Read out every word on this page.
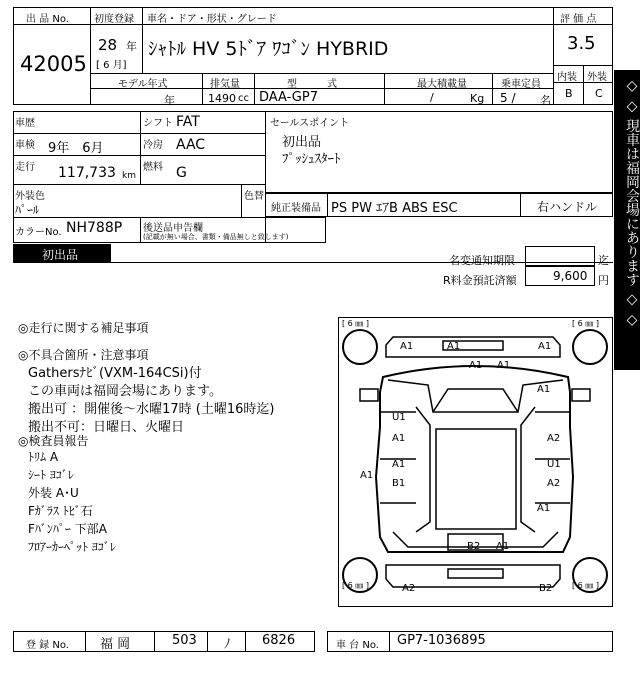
出 品 No.
42005
初度登録 車名・ドア・形状・グレード
28 年
[ 6 月]
ｼｬﾄﾙ HV 5ﾄﾞｱ ﾜｺﾞﾝ HYBRID
モデル年式
年
排気量
1490 cc
型　　　式
DAA-GP7
最大積載量
/	Kg
乗車定員
5 / 名
評 価 点
3.5
内装 外装
B C
車歴	シフト FAT
車検 9年　6月	冷房 AAC
走行 117,733 km
燃料 G
外装色
ﾊﾟｰﾙ
色替
カラーNo. NH788P 後送品申告欄
(記載が無い場合、書類・備品無しと致します)
セールスポイント
初出品
ﾌﾟｯｼｭｽﾀｰﾄ
純正装備品 PS PW ｴｱB ABS ESC	右ハンドル
初出品	名変通知期限	迄
R料金預託済額	9,600 円
◎走行に関する補足事項
◎不具合箇所・注意事項
Gathersﾅﾋﾞ(VXM-164CSi)付
この車両は福岡会場にあります。
搬出可 ：開催後～水曜17時 (土曜16時迄)
搬出不可：日曜日、火曜日
◎検査員報告
ﾄﾘﾑ A
ｼｰﾄ ﾖｺﾞﾚ
外装 A･U
Fｶﾞﾗｽ ﾄﾋﾞ石
Fﾊﾞﾝﾊﾟｰ 下部A
ﾌﾛｱｰｶｰﾍﾟｯﾄ ﾖｺﾞﾚ
[ 6 ㎜ ]	[ 6 ㎜ ]
[ 6 ㎜ ]	[ 6 ㎜ ]
A1	A1	A1
A1 A1
A1
U1
A1	A2
A1
A1	U1
B1	A2
A1
B2 A1
A2	B2
登 録 No. 福 岡	503 ﾉ 6826	車 台 No. GP7-1036895
◇ ◇ 現車は福岡会場にあります ◇ ◇
